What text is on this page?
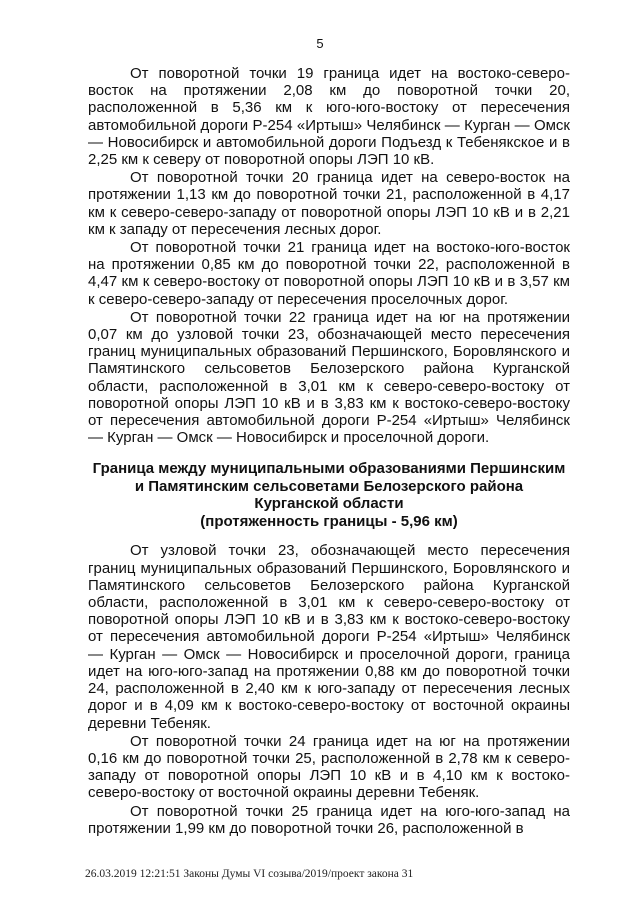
5

От поворотной точки 19 граница идет на востоко-северо-восток на протяжении 2,08 км до поворотной точки 20, расположенной в 5,36 км к юго-юго-востоку от пересечения автомобильной дороги Р-254 «Иртыш» Челябинск — Курган — Омск — Новосибирск и автомобильной дороги Подъезд к Тебенякское и в 2,25 км к северу от поворотной опоры ЛЭП 10 кВ.

От поворотной точки 20 граница идет на северо-восток на протяжении 1,13 км до поворотной точки 21, расположенной в 4,17 км к северо-северо-западу от поворотной опоры ЛЭП 10 кВ и в 2,21 км к западу от пересечения лесных дорог.

От поворотной точки 21 граница идет на востоко-юго-восток на протяжении 0,85 км до поворотной точки 22, расположенной в 4,47 км к северо-востоку от поворотной опоры ЛЭП 10 кВ и в 3,57 км к северо-северо-западу от пересечения проселочных дорог.

От поворотной точки 22 граница идет на юг на протяжении 0,07 км до узловой точки 23, обозначающей место пересечения границ муниципальных образований Першинского, Боровлянского и Памятинского сельсоветов Белозерского района Курганской области, расположенной в 3,01 км к северо-северо-востоку от поворотной опоры ЛЭП 10 кВ и в 3,83 км к востоко-северо-востоку от пересечения автомобильной дороги Р-254 «Иртыш» Челябинск — Курган — Омск — Новосибирск и проселочной дороги.

Граница между муниципальными образованиями Першинским
и Памятинским сельсоветами Белозерского района
Курганской области
(протяженность границы - 5,96 км)

От узловой точки 23, обозначающей место пересечения границ муниципальных образований Першинского, Боровлянского и Памятинского сельсоветов Белозерского района Курганской области, расположенной в 3,01 км к северо-северо-востоку от поворотной опоры ЛЭП 10 кВ и в 3,83 км к востоко-северо-востоку от пересечения автомобильной дороги Р-254 «Иртыш» Челябинск — Курган — Омск — Новосибирск и проселочной дороги, граница идет на юго-юго-запад на протяжении 0,88 км до поворотной точки 24, расположенной в 2,40 км к юго-западу от пересечения лесных дорог и в 4,09 км к востоко-северо-востоку от восточной окраины деревни Тебеняк.

От поворотной точки 24 граница идет на юг на протяжении 0,16 км до поворотной точки 25, расположенной в 2,78 км к северо-западу от поворотной опоры ЛЭП 10 кВ и в 4,10 км к востоко-северо-востоку от восточной окраины деревни Тебеняк.

От поворотной точки 25 граница идет на юго-юго-запад на протяжении 1,99 км до поворотной точки 26, расположенной в

26.03.2019 12:21:51 Законы Думы VI созыва/2019/проект закона 31
